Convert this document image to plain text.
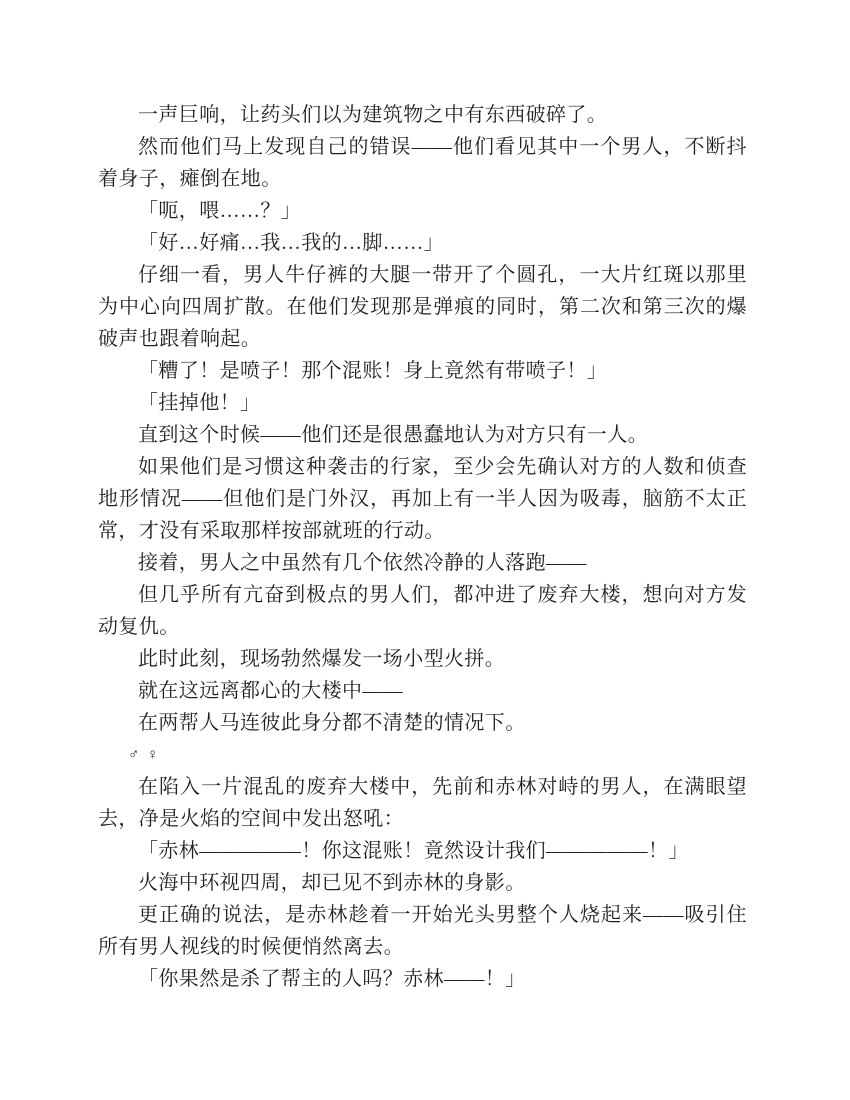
一声巨响，让药头们以为建筑物之中有东西破碎了。

然而他们马上发现自己的错误——他们看见其中一个男人，不断抖着身子，瘫倒在地。

「呃，喂……？」

「好…好痛…我…我的…脚……」

仔细一看，男人牛仔裤的大腿一带开了个圆孔，一大片红斑以那里为中心向四周扩散。在他们发现那是弹痕的同时，第二次和第三次的爆破声也跟着响起。

「糟了！是喷子！那个混账！身上竟然有带喷子！」

「挂掉他！」

直到这个时候——他们还是很愚蠢地认为对方只有一人。

如果他们是习惯这种袭击的行家，至少会先确认对方的人数和侦查地形情况——但他们是门外汉，再加上有一半人因为吸毒，脑筋不太正常，才没有采取那样按部就班的行动。

接着，男人之中虽然有几个依然冷静的人落跑——

但几乎所有亢奋到极点的男人们，都冲进了废弃大楼，想向对方发动复仇。

此时此刻，现场勃然爆发一场小型火拼。

就在这远离都心的大楼中——

在两帮人马连彼此身分都不清楚的情况下。

♂ ♀

在陷入一片混乱的废弃大楼中，先前和赤林对峙的男人，在满眼望去，净是火焰的空间中发出怒吼：

「赤林—————！你这混账！竟然设计我们—————！」

火海中环视四周，却已见不到赤林的身影。

更正确的说法，是赤林趁着一开始光头男整个人烧起来——吸引住所有男人视线的时候便悄然离去。

「你果然是杀了帮主的人吗？赤林——！」
